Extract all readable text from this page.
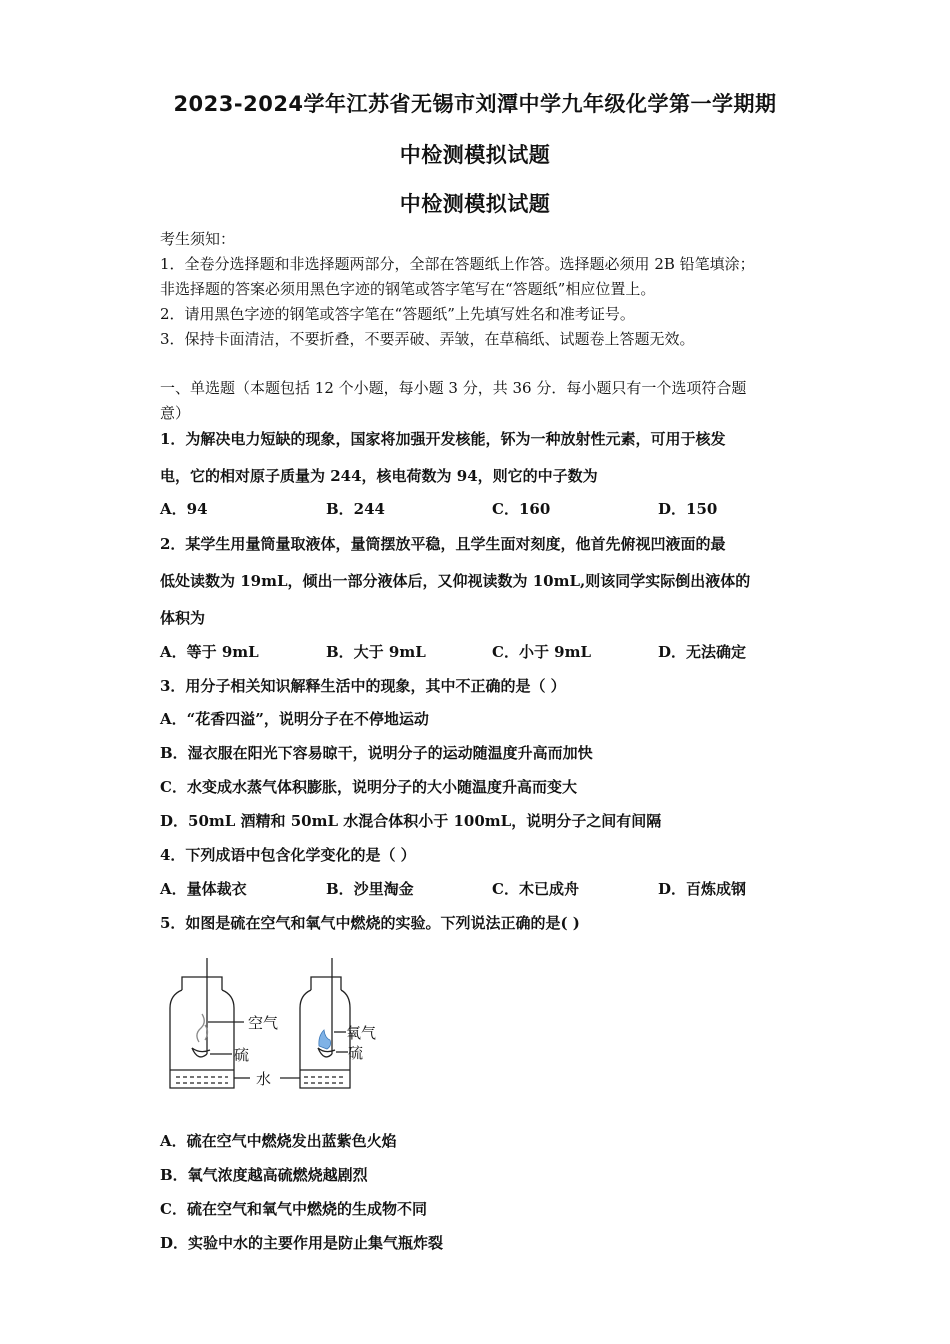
2023-2024学年江苏省无锡市刘潭中学九年级化学第一学期期
中检测模拟试题
中检测模拟试题
考生须知：
1．全卷分选择题和非选择题两部分，全部在答题纸上作答。选择题必须用 2B 铅笔填涂；
非选择题的答案必须用黑色字迹的钢笔或答字笔写在“答题纸”相应位置上。
2．请用黑色字迹的钢笔或答字笔在“答题纸”上先填写姓名和准考证号。
3．保持卡面清洁，不要折叠，不要弄破、弄皱，在草稿纸、试题卷上答题无效。
一、单选题（本题包括 12 个小题，每小题 3 分，共 36 分．每小题只有一个选项符合题
意）
1．为解决电力短缺的现象，国家将加强开发核能，钚为一种放射性元素，可用于核发
电，它的相对原子质量为 244，核电荷数为 94，则它的中子数为
A．94	B．244	C．160	D．150
2．某学生用量筒量取液体，量筒摆放平稳，且学生面对刻度，他首先俯视凹液面的最
低处读数为 19mL，倾出一部分液体后，又仰视读数为 10mL,则该同学实际倒出液体的
体积为
A．等于 9mL	B．大于 9mL	C．小于 9mL	D．无法确定
3．用分子相关知识解释生活中的现象，其中不正确的是（ ）
A．“花香四溢”，说明分子在不停地运动
B．湿衣服在阳光下容易晾干，说明分子的运动随温度升高而加快
C．水变成水蒸气体积膨胀，说明分子的大小随温度升高而变大
D．50mL 酒精和 50mL 水混合体积小于 100mL，说明分子之间有间隔
4．下列成语中包含化学变化的是（ ）
A．量体裁衣	B．沙里淘金	C．木已成舟	D．百炼成钢
5．如图是硫在空气和氧气中燃烧的实验。下列说法正确的是( )
空气
硫
水
氧气
硫
A．硫在空气中燃烧发出蓝紫色火焰
B．氧气浓度越高硫燃烧越剧烈
C．硫在空气和氧气中燃烧的生成物不同
D．实验中水的主要作用是防止集气瓶炸裂
